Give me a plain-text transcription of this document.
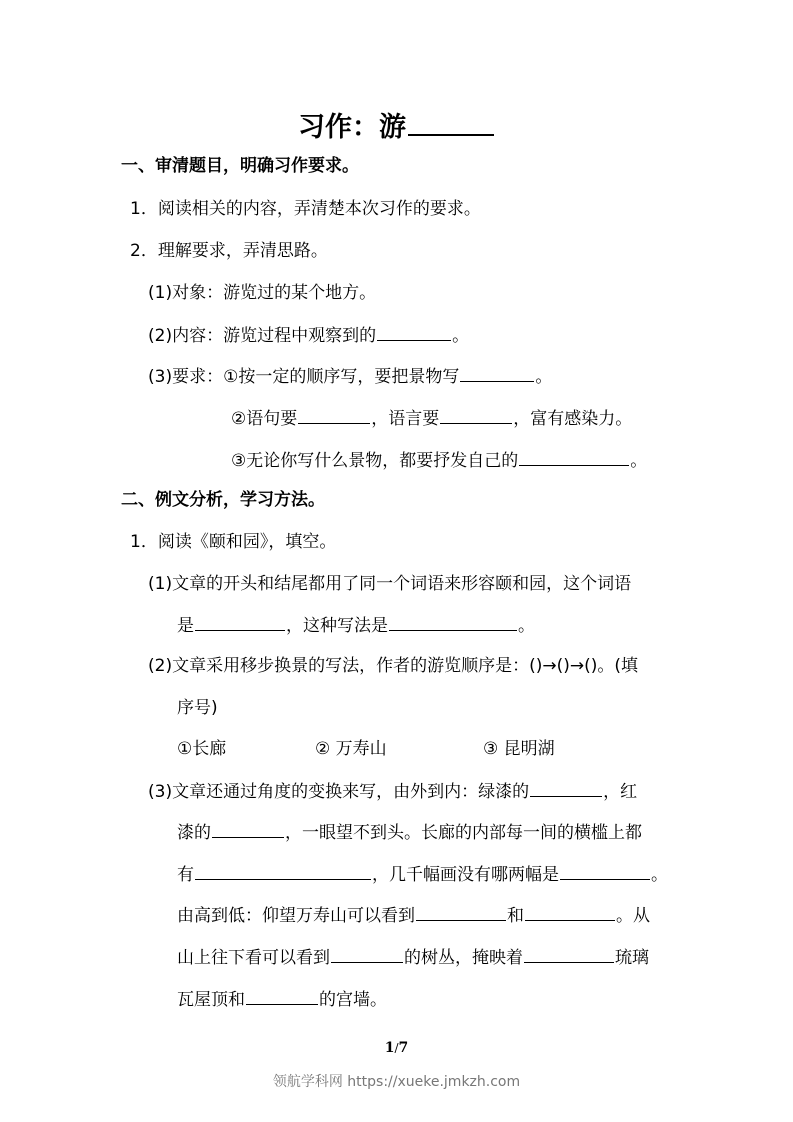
习作：游
一、审清题目，明确习作要求。
1．阅读相关的内容，弄清楚本次习作的要求。
2．理解要求，弄清思路。
(1)对象：游览过的某个地方。
(2)内容：游览过程中观察到的	。
(3)要求：①按一定的顺序写，要把景物写	。
②语句要	，语言要	，富有感染力。
③无论你写什么景物，都要抒发自己的	。
二、例文分析，学习方法。
1．阅读《颐和园》，填空。
(1)文章的开头和结尾都用了同一个词语来形容颐和园，这个词语
是	，这种写法是	。
(2)文章采用移步换景的写法，作者的游览顺序是：()→()→()。(填
序号)
①长廊	② 万寿山	③ 昆明湖
(3)文章还通过角度的变换来写，由外到内：绿漆的	，红
漆的	，一眼望不到头。长廊的内部每一间的横槛上都
有	，几千幅画没有哪两幅是	。
由高到低：仰望万寿山可以看到	和	。从
山上往下看可以看到	的树丛，掩映着	琉璃
瓦屋顶和	的宫墙。
1/7
领航学科网 https://xueke.jmkzh.com
